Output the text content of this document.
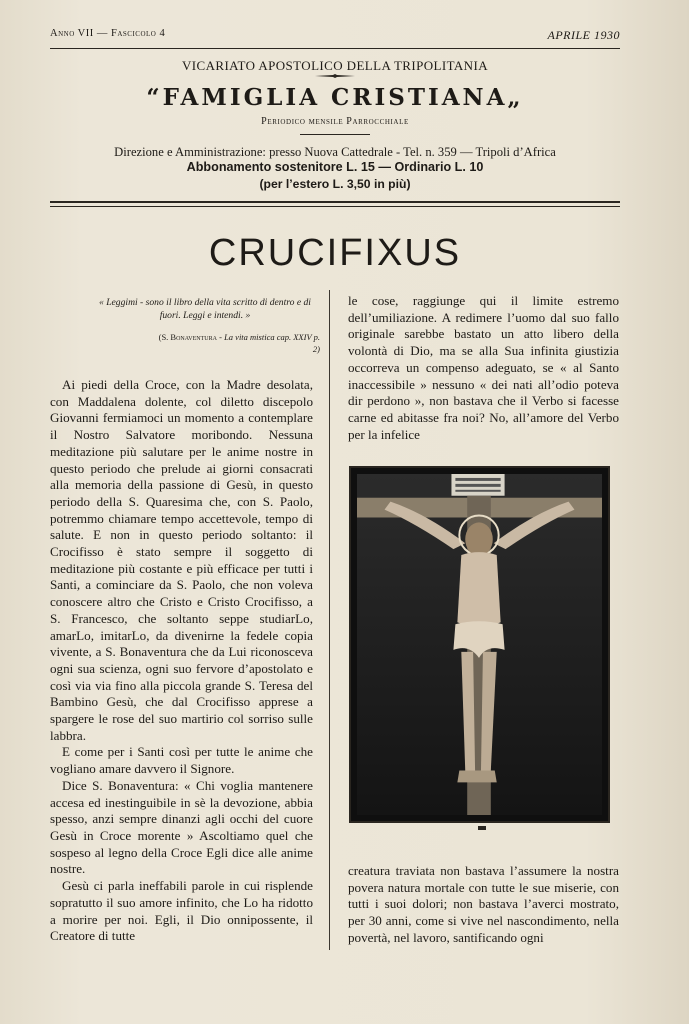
Anno VII — Fascicolo 4	APRILE 1930
VICARIATO APOSTOLICO DELLA TRIPOLITANIA
“FAMIGLIA CRISTIANA„
Periodico mensile Parrocchiale
Direzione e Amministrazione: presso Nuova Cattedrale - Tel. n. 359 — Tripoli d’Africa
Abbonamento sostenitore L. 15 — Ordinario L. 10
(per l’estero L. 3,50 in più)
CRUCIFIXUS
« Leggimi - sono il libro della vita scritto di dentro e di fuori. Leggi e intendi. »
(S. Bonaventura - La vita mistica cap. XXIV p. 2)
Ai piedi della Croce, con la Madre desolata, con Maddalena dolente, col diletto discepolo Giovanni fermiamoci un momento a contemplare il Nostro Salvatore moribondo. Nessuna meditazione più salutare per le anime nostre in questo periodo che prelude ai giorni consacrati alla memoria della passione di Gesù, in questo periodo della S. Quaresima che, con S. Paolo, potremmo chiamare tempo accettevole, tempo di salute. E non in questo periodo soltanto: il Crocifisso è stato sempre il soggetto di meditazione più costante e più efficace per tutti i Santi, a cominciare da S. Paolo, che non voleva conoscere altro che Cristo e Cristo Crocifisso, a S. Francesco, che soltanto seppe studiarLo, amarLo, imitarLo, da divenirne la fedele copia vivente, a S. Bonaventura che da Lui riconosceva ogni sua scienza, ogni suo fervore d’apostolato e così via via fino alla piccola grande S. Teresa del Bambino Gesù, che dal Crocifisso apprese a spargere le rose del suo martirio col sorriso sulle labbra.
E come per i Santi così per tutte le anime che vogliano amare davvero il Signore.
Dice S. Bonaventura: « Chi voglia mantenere accesa ed inestinguibile in sè la devozione, abbia spesso, anzi sempre dinanzi agli occhi del cuore Gesù in Croce morente » Ascoltiamo quel che sospeso al legno della Croce Egli dice alle anime nostre.
Gesù ci parla ineffabili parole in cui risplende sopratutto il suo amore infinito, che Lo ha ridotto a morire per noi. Egli, il Dio onnipossente, il Creatore di tutte
le cose, raggiunge qui il limite estremo dell’umiliazione. A redimere l’uomo dal suo fallo originale sarebbe bastato un atto libero della volontà di Dio, ma se alla Sua infinita giustizia occorreva un compenso adeguato, se « al Santo inaccessibile » nessuno « dei nati all’odio poteva dir perdono », non bastava che il Verbo si facesse carne ed abitasse fra noi? No, all’amore del Verbo per la infelice
creatura traviata non bastava l’assumere la nostra povera natura mortale con tutte le sue miserie, con tutti i suoi dolori; non bastava l’averci mostrato, per 30 anni, come si vive nel nascondimento, nella povertà, nel lavoro, santificando ogni
